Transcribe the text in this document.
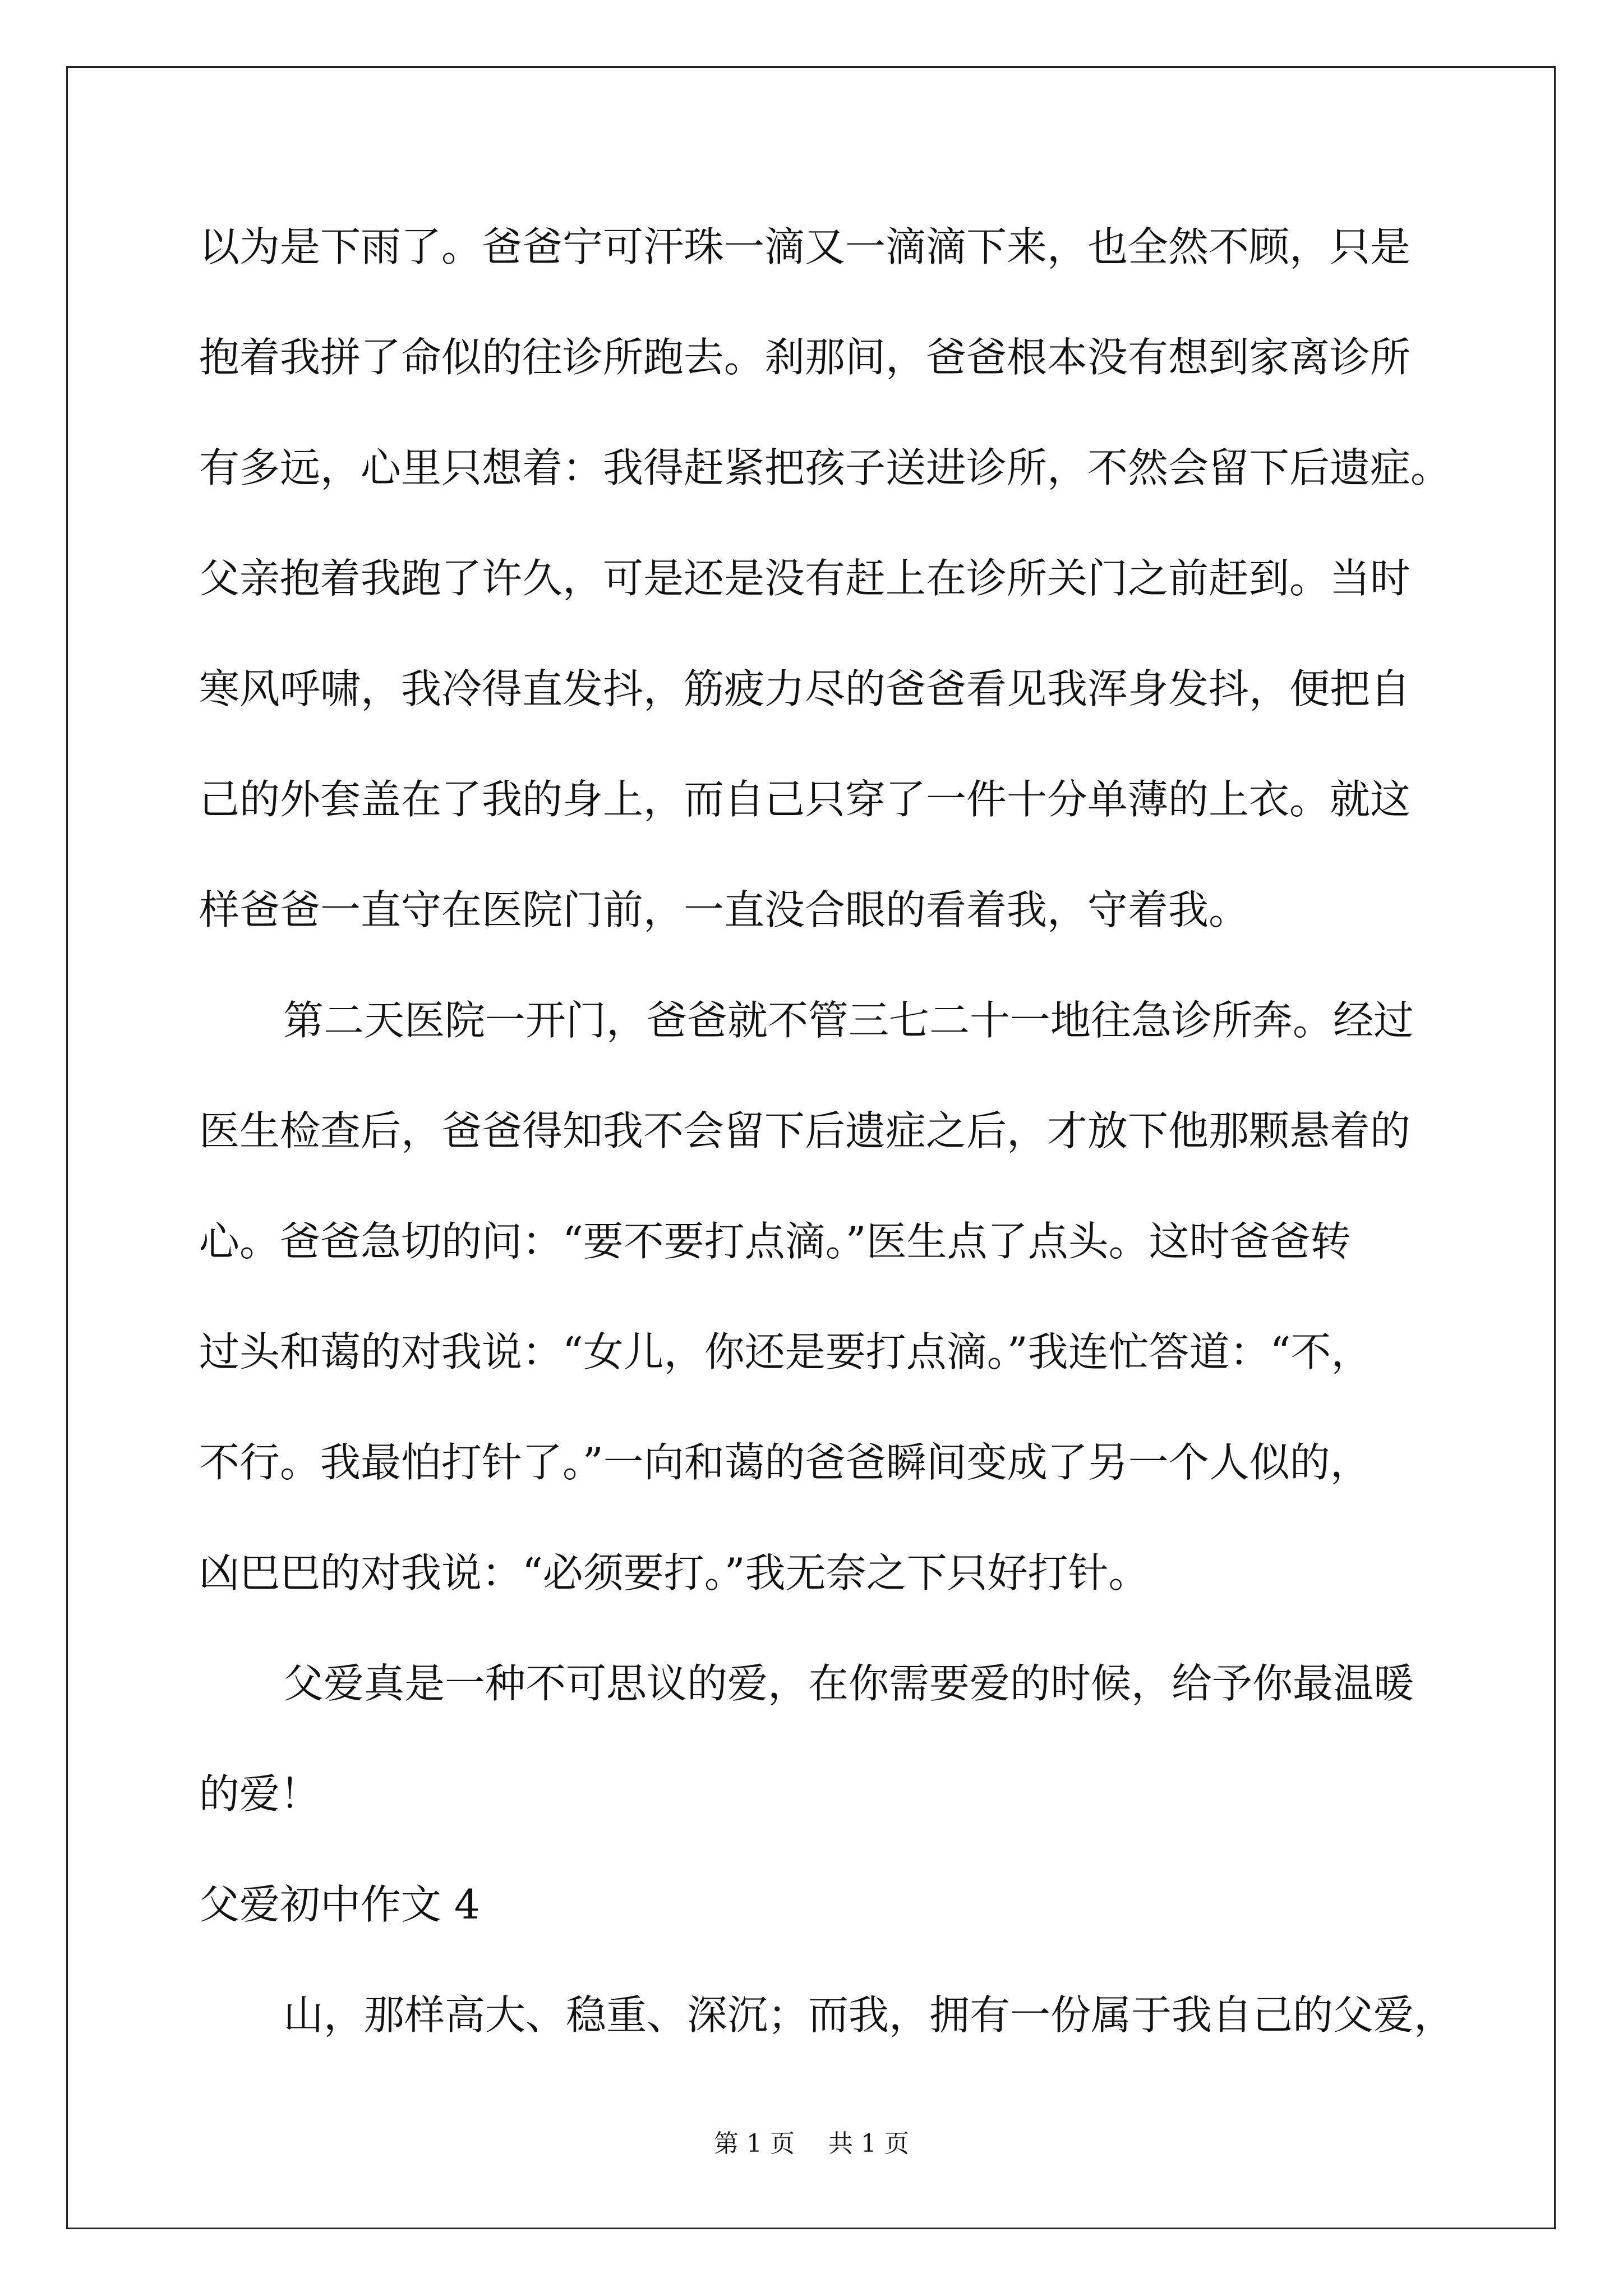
以为是下雨了。爸爸宁可汗珠一滴又一滴滴下来，也全然不顾，只是
抱着我拼了命似的往诊所跑去。刹那间，爸爸根本没有想到家离诊所
有多远，心里只想着：我得赶紧把孩子送进诊所，不然会留下后遗症。
父亲抱着我跑了许久，可是还是没有赶上在诊所关门之前赶到。当时
寒风呼啸，我冷得直发抖，筋疲力尽的爸爸看见我浑身发抖，便把自
己的外套盖在了我的身上，而自己只穿了一件十分单薄的上衣。就这
样爸爸一直守在医院门前，一直没合眼的看着我，守着我。
第二天医院一开门，爸爸就不管三七二十一地往急诊所奔。经过
医生检查后，爸爸得知我不会留下后遗症之后，才放下他那颗悬着的
心。爸爸急切的问：“要不要打点滴。”医生点了点头。这时爸爸转
过头和蔼的对我说：“女儿，你还是要打点滴。”我连忙答道：“不，
不行。我最怕打针了。”一向和蔼的爸爸瞬间变成了另一个人似的，
凶巴巴的对我说：“必须要打。”我无奈之下只好打针。
父爱真是一种不可思议的爱，在你需要爱的时候，给予你最温暖
的爱！
父爱初中作文 4
山，那样高大、稳重、深沉；而我，拥有一份属于我自己的父爱，
第 1 页 共 1 页
